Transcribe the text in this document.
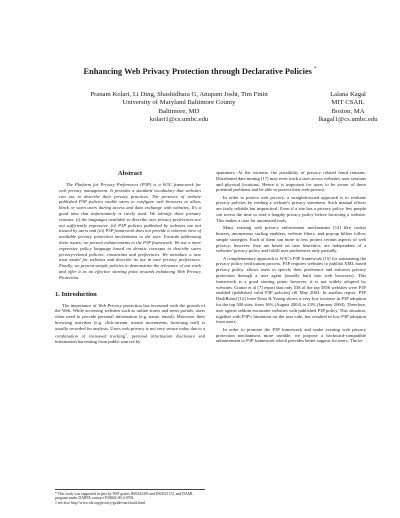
Enhancing Web Privacy Protection through Declarative Policies *
Pranam Kolari, Li Ding, Shashidhara G, Anupam Joshi, Tim Finin
University of Maryland Baltimore County
Baltimore, MD
kolari1@cs.umbc.edu
Lalana Kagal
MIT CSAIL
Boston, MA
lkagal1@cs.umbc.edu
Abstract

The Platform for Privacy Preferences (P3P) is a W3C framework for web privacy management. It provides a standard vocabulary that websites can use to describe their privacy practices. The presence of website published P3P policies enable users to configure web browsers to allow, block or warn users during access and data exchange with websites. It's a good idea that unfortunately is rarely used. We identify three primary reasons: (i) the languages available to describe user privacy preferences are not sufficiently expressive, (ii) P3P policies published by websites are not trusted by users and (iii) P3P framework does not provide a coherent view of available privacy protection mechanisms to the user. Towards addressing these issues; we present enhancements to the P3P framework. We use a more expressive policy language based on deontic concepts to describe users privacy-related policies, constraints and preferences. We introduce a new trust model for websites and describe its use in user privacy preferences. Finally, we present sample policies to demonstrate the relevance of our work and offer it as an effective starting point towards enhancing Web Privacy Protection.

1. Introduction

The importance of Web Privacy protection has increased with the growth of the Web. While accessing websites such as online stores and news portals, users often need to provide personal information (e.g. name, email). Moreover their browsing activities (e.g. click-stream, mouse movements, browsing trail) is usually recorded for analysis. Users web privacy is not very secure today due to a combination of increased tracking$^1$, personal information disclosure and information harvesting from public sources by

* This work was supported in part by NSF grants IIS0242403 and IIS0325172, and DAML program under DARPA contract F30602-00-2-0591.
1 see also http://www.cdt.org/privacy/guide/start/track.html

spammers. At the extreme, the possibility of privacy related fraud remains. Distributed data mining [17] may even track a user across websites, user sessions and physical locations. Hence it is important for users to be aware of these potential problems and be able to protect their web privacy.

In order to protect web privacy, a straightforward approach is to evaluate privacy policies by reading a website's privacy statement. Such manual efforts are fairly reliable but impractical. Even if a site has a privacy policy few people can invest the time to read a lengthy privacy policy before browsing a website. This makes a case for automated tools.

Many existing web privacy enforcement mechanisms [14] like cookie busters, anonymous surfing enablers, website filters, and pop-up killers follow simple strategies. Each of them can more or less protect certain aspects of web privacy; however, they are based on user heuristics, are independent of a websites' privacy policy and fulfill user preferences only partially.

A complementary approach is W3C's P3P framework [15] for automating the privacy policy verification process. P3P requires websites to publish XML based privacy policy, allows users to specify their preference and enforces privacy protection through a user agent (usually built into web browsers). This framework is a good starting point; however, it is not widely adopted by websites. Cranor et al [7] report that only 538 of the top 5856 websites were P3P enabled (published valid P3P policies) till May 2003. In another report, P3P DashBoard [12] from Ernst & Young shows a very low increase in P3P adoption for the top 500 sites, from 16% (August 2002) to 23% (January 2004). Therefore, user agents seldom encounter websites with published P3P policy. This situation, together with P3P's limitation on the user side, has resulted in low P3P adoption from users.

In order to promote the P3P framework and make existing web privacy protection mechanisms more useable, we propose a backward-compatible enhancement to P3P framework which provides better support for users. The in-
